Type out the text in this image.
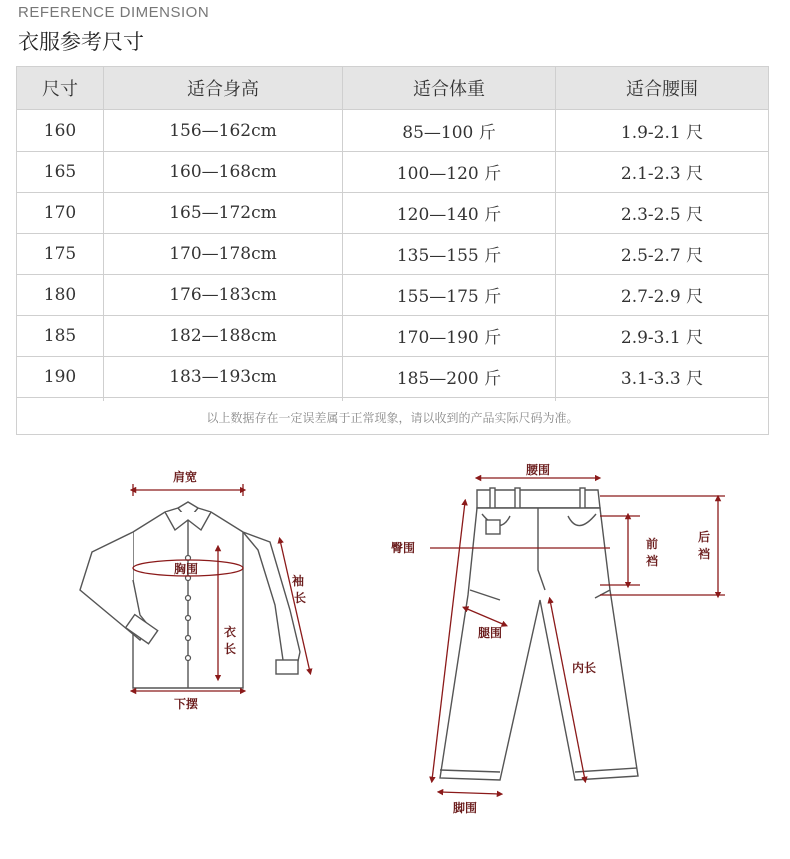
REFERENCE DIMENSION
衣服参考尺寸
尺寸	适合身高	适合体重	适合腰围
160	156—162cm	85—100 斤	1.9-2.1 尺
165	160—168cm	100—120 斤	2.1-2.3 尺
170	165—172cm	120—140 斤	2.3-2.5 尺
175	170—178cm	135—155 斤	2.5-2.7 尺
180	176—183cm	155—175 斤	2.7-2.9 尺
185	182—188cm	170—190 斤	2.9-3.1 尺
190	183—193cm	185—200 斤	3.1-3.3 尺
以上数据存在一定误差属于正常现象，请以收到的产品实际尺码为准。
肩宽
胸围
袖
长
衣
长
下摆
腰围
臀围	前
裆
后
裆
腿围
内长
脚围
